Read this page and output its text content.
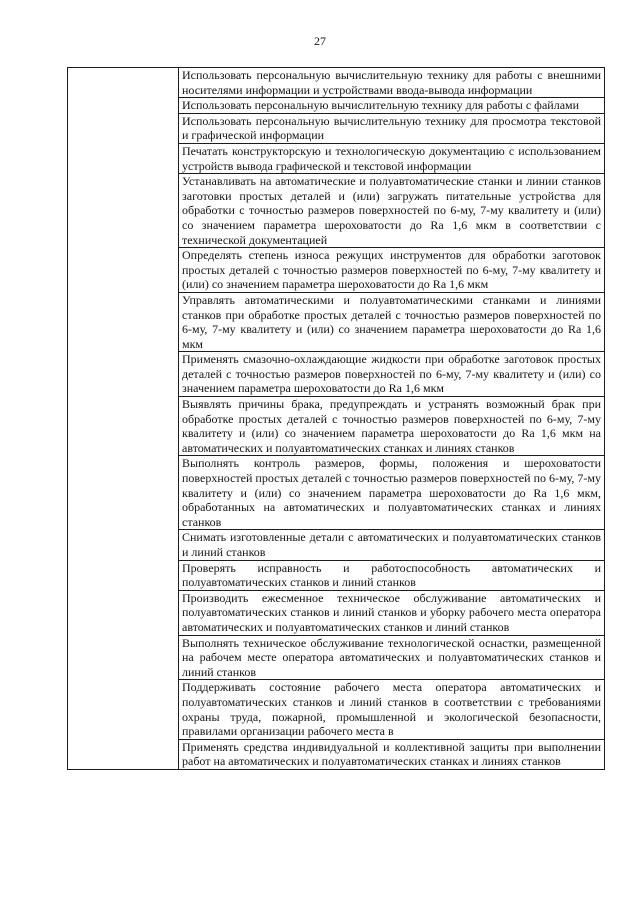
27
	Использовать персональную вычислительную технику для работы с внешними носителями информации и устройствами ввода-вывода информации
Использовать персональную вычислительную технику для работы с файлами
Использовать персональную вычислительную технику для просмотра текстовой и графической информации
Печатать конструкторскую и технологическую документацию с использованием устройств вывода графической и текстовой информации
Устанавливать на автоматические и полуавтоматические станки и линии станков заготовки простых деталей и (или) загружать питательные устройства для обработки с точностью размеров поверхностей по 6-му, 7-му квалитету и (или) со значением параметра шероховатости до Ra 1,6 мкм в соответствии с технической документацией
Определять степень износа режущих инструментов для обработки заготовок простых деталей с точностью размеров поверхностей по 6-му, 7-му квалитету и (или) со значением параметра шероховатости до Ra 1,6 мкм
Управлять автоматическими и полуавтоматическими станками и линиями станков при обработке простых деталей с точностью размеров поверхностей по 6-му, 7-му квалитету и (или) со значением параметра шероховатости до Ra 1,6 мкм
Применять смазочно-охлаждающие жидкости при обработке заготовок простых деталей с точностью размеров поверхностей по 6-му, 7-му квалитету и (или) со значением параметра шероховатости до Ra 1,6 мкм
Выявлять причины брака, предупреждать и устранять возможный брак при обработке простых деталей с точностью размеров поверхностей по 6-му, 7-му квалитету и (или) со значением параметра шероховатости до Ra 1,6 мкм на автоматических и полуавтоматических станках и линиях станков
Выполнять контроль размеров, формы, положения и шероховатости поверхностей простых деталей с точностью размеров поверхностей по 6-му, 7-му квалитету и (или) со значением параметра шероховатости до Ra 1,6 мкм, обработанных на автоматических и полуавтоматических станках и линиях станков
Снимать изготовленные детали с автоматических и полуавтоматических станков и линий станков
Проверять исправность и работоспособность автоматических и полуавтоматических станков и линий станков
Производить ежесменное техническое обслуживание автоматических и полуавтоматических станков и линий станков и уборку рабочего места оператора автоматических и полуавтоматических станков и линий станков
Выполнять техническое обслуживание технологической оснастки, размещенной на рабочем месте оператора автоматических и полуавтоматических станков и линий станков
Поддерживать состояние рабочего места оператора автоматических и полуавтоматических станков и линий станков в соответствии с требованиями охраны труда, пожарной, промышленной и экологической безопасности, правилами организации рабочего места в
Применять средства индивидуальной и коллективной защиты при выполнении работ на автоматических и полуавтоматических станках и линиях станков
